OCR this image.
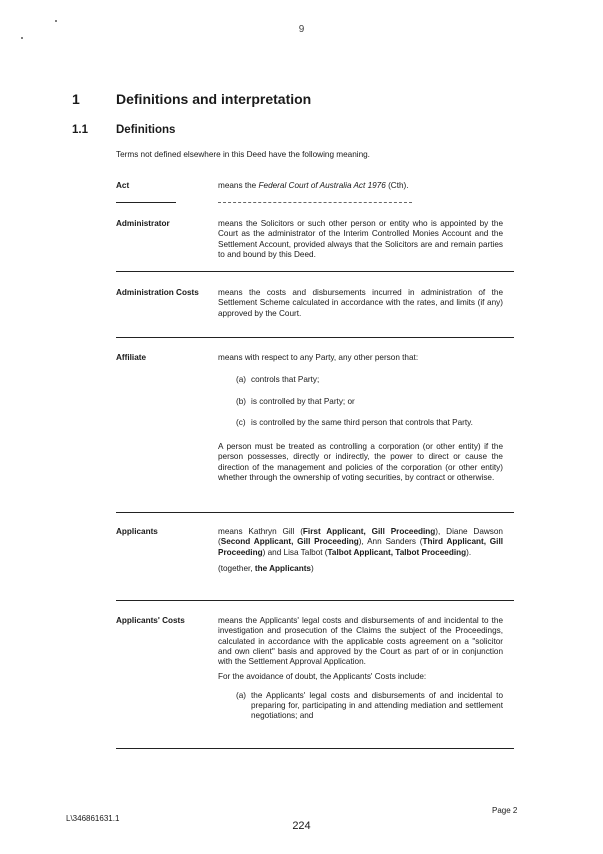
9
1	Definitions and interpretation
1.1 Definitions
Terms not defined elsewhere in this Deed have the following meaning.
Act	means the Federal Court of Australia Act 1976 (Cth).
Administrator	means the Solicitors or such other person or entity who is appointed by the Court as the administrator of the Interim Controlled Monies Account and the Settlement Account, provided always that the Solicitors are and remain parties to and bound by this Deed.
Administration Costs	means the costs and disbursements incurred in administration of the Settlement Scheme calculated in accordance with the rates, and limits (if any) approved by the Court.
Affiliate	means with respect to any Party, any other person that:

(a) controls that Party;
(b) is controlled by that Party; or
(c) is controlled by the same third person that controls that Party.

A person must be treated as controlling a corporation (or other entity) if the person possesses, directly or indirectly, the power to direct or cause the direction of the management and policies of the corporation (or other entity) whether through the ownership of voting securities, by contract or otherwise.

Applicants	means Kathryn Gill (First Applicant, Gill Proceeding), Diane Dawson (Second Applicant, Gill Proceeding), Ann Sanders (Third Applicant, Gill Proceeding) and Lisa Talbot (Talbot Applicant, Talbot Proceeding).

(together, the Applicants)

Applicants' Costs	means the Applicants' legal costs and disbursements of and incidental to the investigation and prosecution of the Claims the subject of the Proceedings, calculated in accordance with the applicable costs agreement on a "solicitor and own client" basis and approved by the Court as part of or in conjunction with the Settlement Approval Application.

For the avoidance of doubt, the Applicants' Costs include:

(a) the Applicants' legal costs and disbursements of and incidental to preparing for, participating in and attending mediation and settlement negotiations; and
Page 2
L\346861631.1
224
